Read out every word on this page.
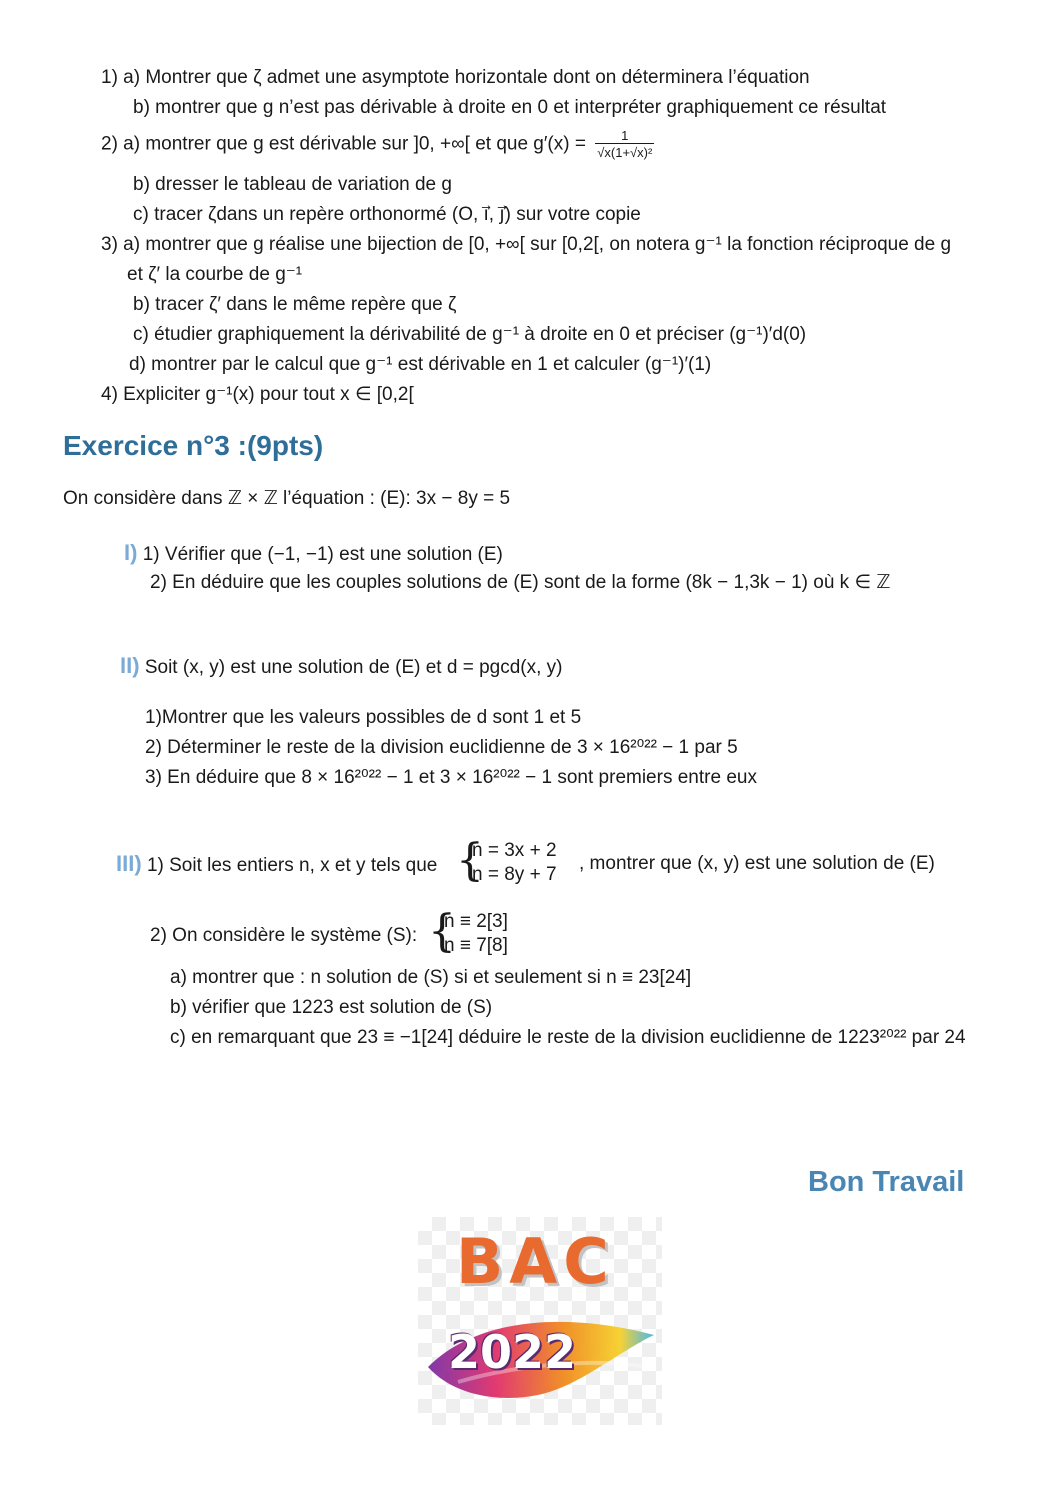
1) a) Montrer que ζ admet une asymptote horizontale dont on déterminera l’équation
b) montrer que g n’est pas dérivable à droite en 0 et interpréter graphiquement ce résultat
2) a) montrer que g est dérivable sur ]0, +∞[ et que $g'(x) = \frac{1}{\text{√x(1+√x)²}}$
b) dresser le tableau de variation de g
c) tracer ζdans un repère orthonormé (O, i⃗, j⃗) sur votre copie
3) a) montrer que g réalise une bijection de [0, +∞[ sur [0,2[, on notera g⁻¹ la fonction réciproque de g
et ζ′ la courbe de g⁻¹
b) tracer ζ′ dans le même repère que ζ
c) étudier graphiquement la dérivabilité de g⁻¹ à droite en 0 et préciser (g⁻¹)′d(0)
d) montrer par le calcul que g⁻¹ est dérivable en 1 et calculer (g⁻¹)′(1)
4) Expliciter g⁻¹(x) pour tout x ∈ [0,2[
Exercice n°3 :(9pts)
On considère dans ℤ × ℤ l’équation : (E): 3x − 8y = 5
I) 1) Vérifier que (−1, −1) est une solution (E)
2) En déduire que les couples solutions de (E) sont de la forme (8k − 1,3k − 1) où k ∈ ℤ
II) Soit (x, y) est une solution de (E) et d = pgcd(x, y)
1)Montrer que les valeurs possibles de d sont 1 et 5
2) Déterminer le reste de la division euclidienne de 3 × 16²⁰²² − 1 par 5
3) En déduire que 8 × 16²⁰²² − 1 et 3 × 16²⁰²² − 1 sont premiers entre eux
III) 1) Soit les entiers n, x et y tels que {
n = 3x + 2
n = 8y + 7
, montrer que (x, y) est une solution de (E)
2) On considère le système (S): {
n ≡ 2[3]
n ≡ 7[8]
a) montrer que : n solution de (S) si et seulement si n ≡ 23[24]
b) vérifier que 1223 est solution de (S)
c) en remarquant que 23 ≡ −1[24] déduire le reste de la division euclidienne de 1223²⁰²² par 24
Bon Travail
BAC
2022
